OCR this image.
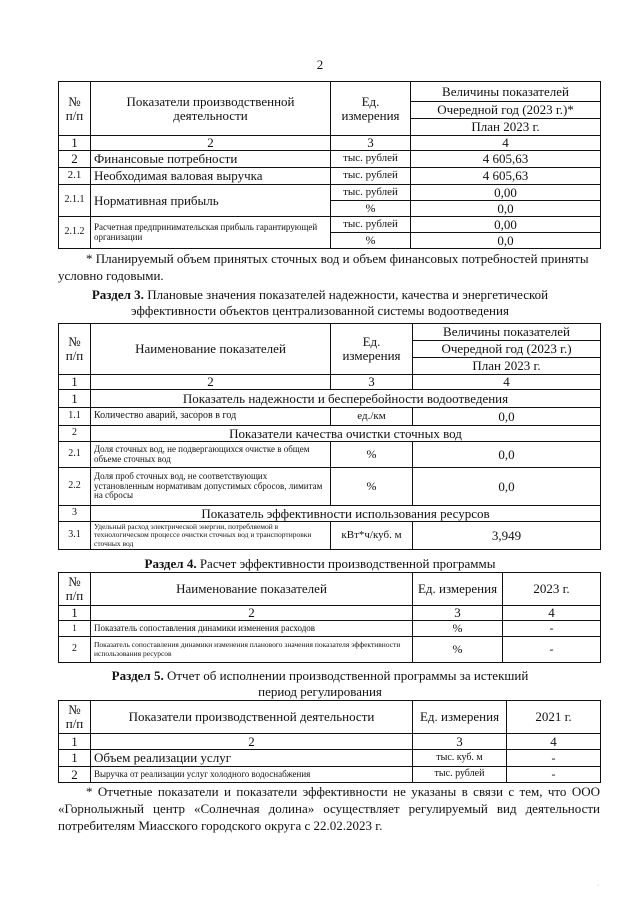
2
№ п/п	Показатели производственной деятельности	Ед. измерения	Величины показателей
			Очередной год (2023 г.)*
			План 2023 г.
1	2	3	4
2	Финансовые потребности	тыс. рублей	4 605,63
2.1	Необходимая валовая выручка	тыс. рублей	4 605,63
2.1.1	Нормативная прибыль	тыс. рублей	0,00
		%	0,0
2.1.2	Расчетная предпринимательская прибыль гарантирующей организации	тыс. рублей	0,00
		%	0,0
* Планируемый объем принятых сточных вод и объем финансовых потребностей приняты условно годовыми.
Раздел 3. Плановые значения показателей надежности, качества и энергетической эффективности объектов централизованной системы водоотведения
№ п/п	Наименование показателей	Ед. измерения	Величины показателей
			Очередной год (2023 г.)
			План 2023 г.
1	2	3	4
1	Показатель надежности и бесперебойности водоотведения		
1.1	Количество аварий, засоров в год	ед./км	0,0
2	Показатели качества очистки сточных вод		
2.1	Доля сточных вод, не подвергающихся очистке в общем объеме сточных вод	%	0,0
2.2	Доля проб сточных вод, не соответствующих установленным нормативам допустимых сбросов, лимитам на сбросы	%	0,0
3	Показатель эффективности использования ресурсов		
3.1	Удельный расход электрической энергии, потребляемой в технологическом процессе очистки сточных вод и транспортировки сточных вод	кВт*ч/куб. м	3,949
Раздел 4. Расчет эффективности производственной программы
№ п/п	Наименование показателей	Ед. измерения	2023 г.
1	2	3	4
1	Показатель сопоставления динамики изменения расходов	%	-
2	Показатель сопоставления динамики изменения планового значения показателя эффективности использования ресурсов	%	-
Раздел 5. Отчет об исполнении производственной программы за истекший период регулирования
№ п/п	Показатели производственной деятельности	Ед. измерения	2021 г.
1	2	3	4
1	Объем реализации услуг	тыс. куб. м	-
2	Выручка от реализации услуг холодного водоснабжения	тыс. рублей	-
* Отчетные показатели и показатели эффективности не указаны в связи с тем, что ООО «Горнолыжный центр «Солнечная долина» осуществляет регулируемый вид деятельности потребителям Миасского городского округа с 22.02.2023 г.
·
